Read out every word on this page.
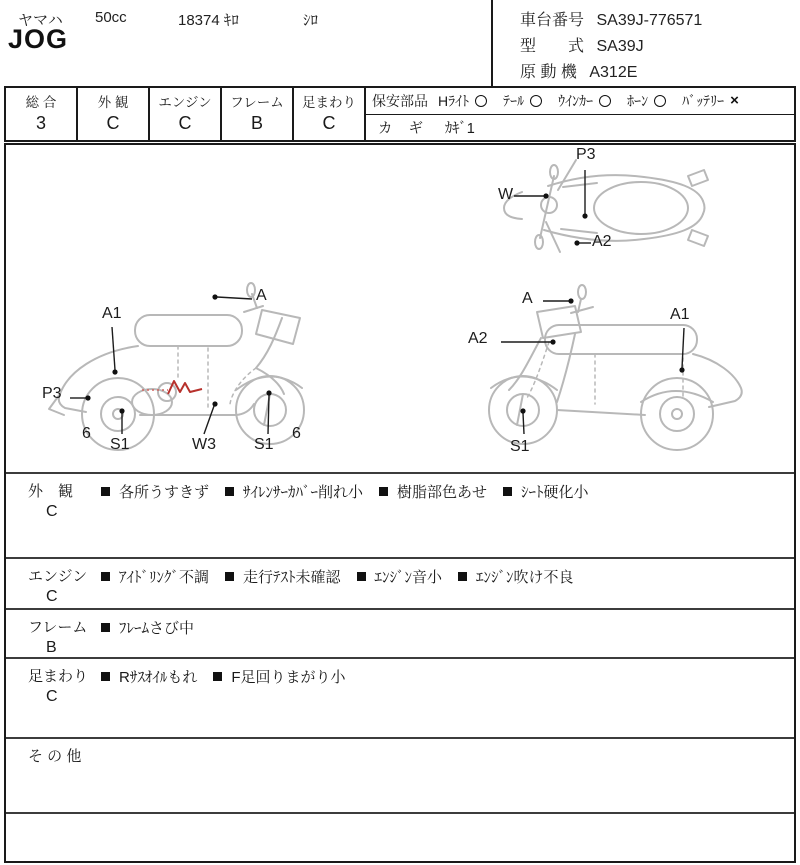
ヤマハ 50cc	18374 ｷﾛ	ｼﾛ
JOG
車台番号 SA39J-776571
型　　式 SA39J
原 動 機 A312E
総 合
3
外 観
C
エンジン
C
フレーム
B
足まわり
C
保安部品 Hﾗｲﾄ ﾃｰﾙ ｳｲﾝｶｰ ﾎｰﾝ ﾊﾞｯﾃﾘｰ ×
カ ギ ｶｷﾞ1
P3
W
A2
A
A1
P3
6
S1	W3 S1
6
A
A2
A1
S1
外　観
C
各所うすきず ｻｲﾚﾝｻｰｶﾊﾞｰ削れ小 樹脂部色あせ ｼｰﾄ硬化小
エンジン
C
ｱｲﾄﾞﾘﾝｸﾞ不調 走行ﾃｽﾄ未確認 ｴﾝｼﾞﾝ音小 ｴﾝｼﾞﾝ吹け不良
フレーム
B
ﾌﾚｰﾑさび中
足まわり
C
Rｻｽｵｲﾙもれ F足回りまがり小
そ の 他
